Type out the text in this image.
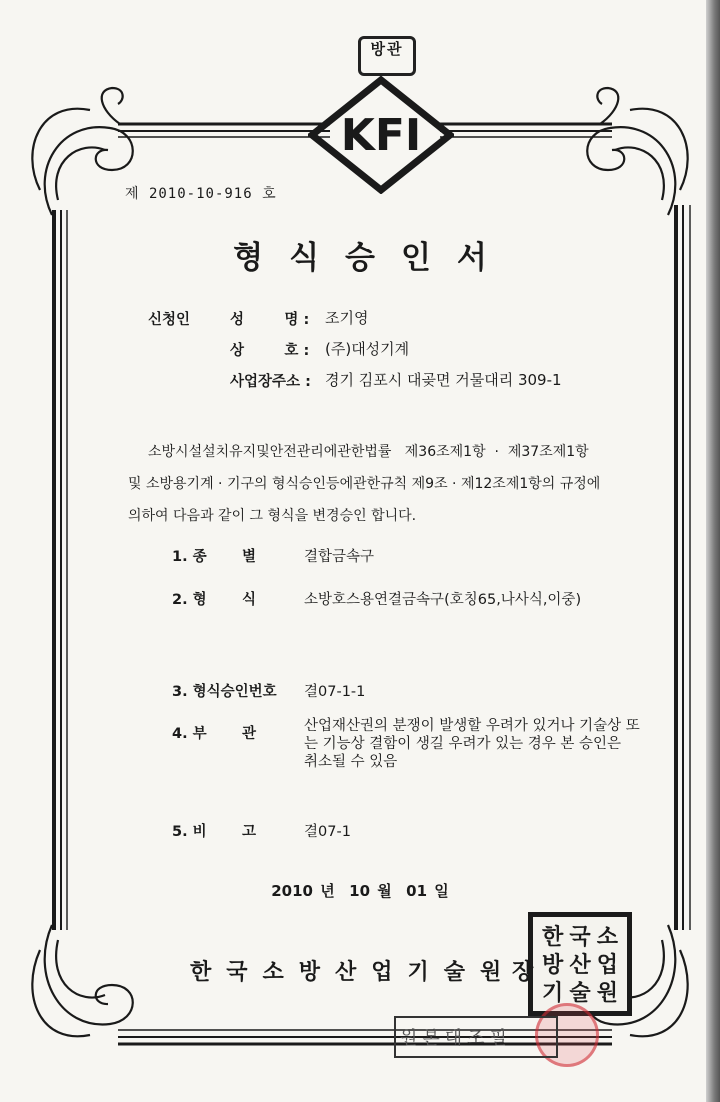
방관
KFI
제 2010-10-916 호
형식승인서
신청인	성        명 : 조기영
상        호 : (주)대성기계
사업장주소 : 경기 김포시 대곶면 거물대리 309-1
소방시설설치유지및안전관리에관한법률   제36조제1항  ·  제37조제1항
및 소방용기계 · 기구의 형식승인등에관한규칙 제9조 · 제12조제1항의 규정에
의하여 다음과 같이 그 형식을 변경승인 합니다.
1. 종 별	결합금속구
2. 형 식	소방호스용연결금속구(호칭65,나사식,이중)
3. 형식승인번호 결07-1-1
4. 부 관	산업재산권의 분쟁이 발생할 우려가 있거나 기술상 또
는 기능상 결함이 생길 우려가 있는 경우 본 승인은
취소될 수 있음
5. 비 고	결07-1
2010 년  10 월  01 일
한국소방산업기술원
한 국 소
방 산 업
기 술 원
장
원본대조필
